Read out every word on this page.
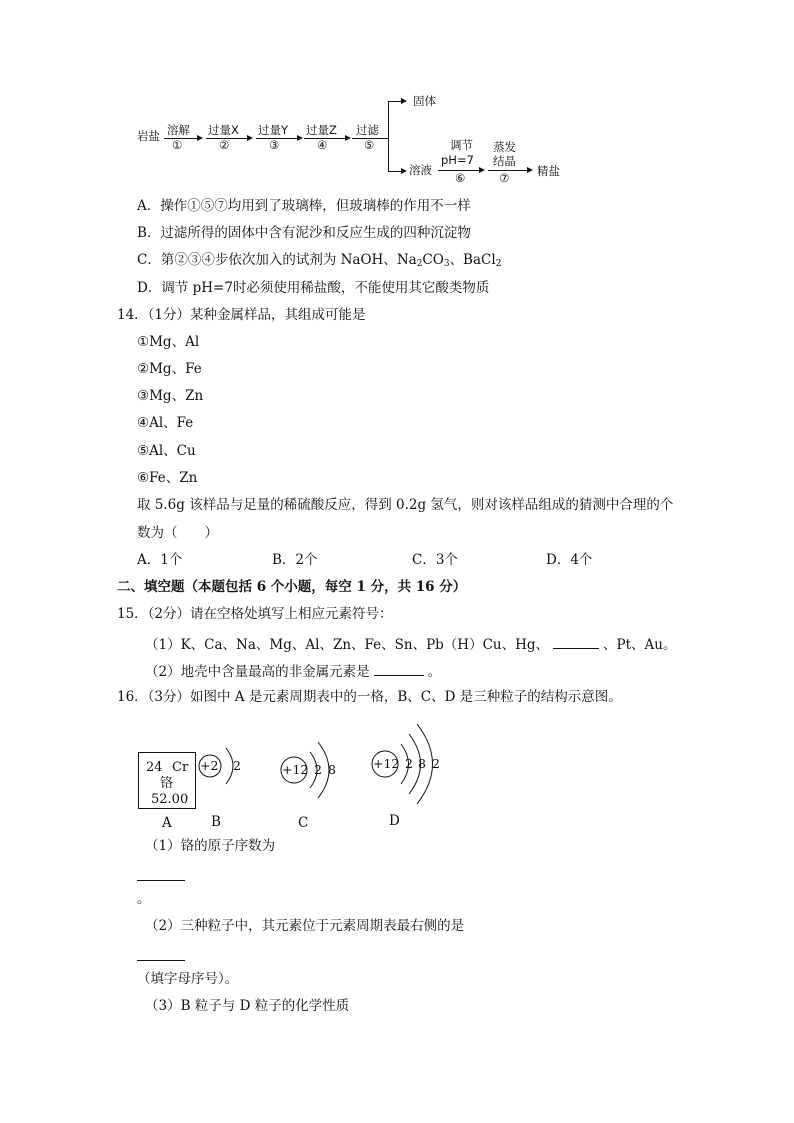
岩盐 溶解
①
过量X
②
过量Y
③
过量Z
④
过滤
⑤
固体
溶液
调节
pH=7
⑥
蒸发
结晶
⑦ 精盐
A．操作①⑤⑦均用到了玻璃棒，但玻璃棒的作用不一样
B．过滤所得的固体中含有泥沙和反应生成的四种沉淀物
C．第②③④步依次加入的试剂为 NaOH、$Na_2CO_3$、BaCl$_2$
D．调节 pH=7时必须使用稀盐酸，不能使用其它酸类物质
14．（1分）某种金属样品，其组成可能是
①Mg、Al
②Mg、Fe
③Mg、Zn
④Al、Fe
⑤Al、Cu
⑥Fe、Zn
取 5.6g 该样品与足量的稀硫酸反应，得到 0.2g 氢气，则对该样品组成的猜测中合理的个
数为（　　）
A．1个	B．2个	C．3个	D．4个
二、填空题（本题包括 6 个小题，每空 1 分，共 16 分）
15．（2分）请在空格处填写上相应元素符号：
（1）K、Ca、Na、Mg、Al、Zn、Fe、Sn、Pb（H）Cu、Hg、	、Pt、Au。
（2）地壳中含量最高的非金属元素是	。
16．（3分）如图中 A 是元素周期表中的一格，B、C、D 是三种粒子的结构示意图。
24 Cr
铬
52.00
+2 2	+12 2 8	+12 2 8 2
A	B	C	D
（1）铬的原子序数为
。
（2）三种粒子中，其元素位于元素周期表最右侧的是
（填字母序号）。
（3）B 粒子与 D 粒子的化学性质
